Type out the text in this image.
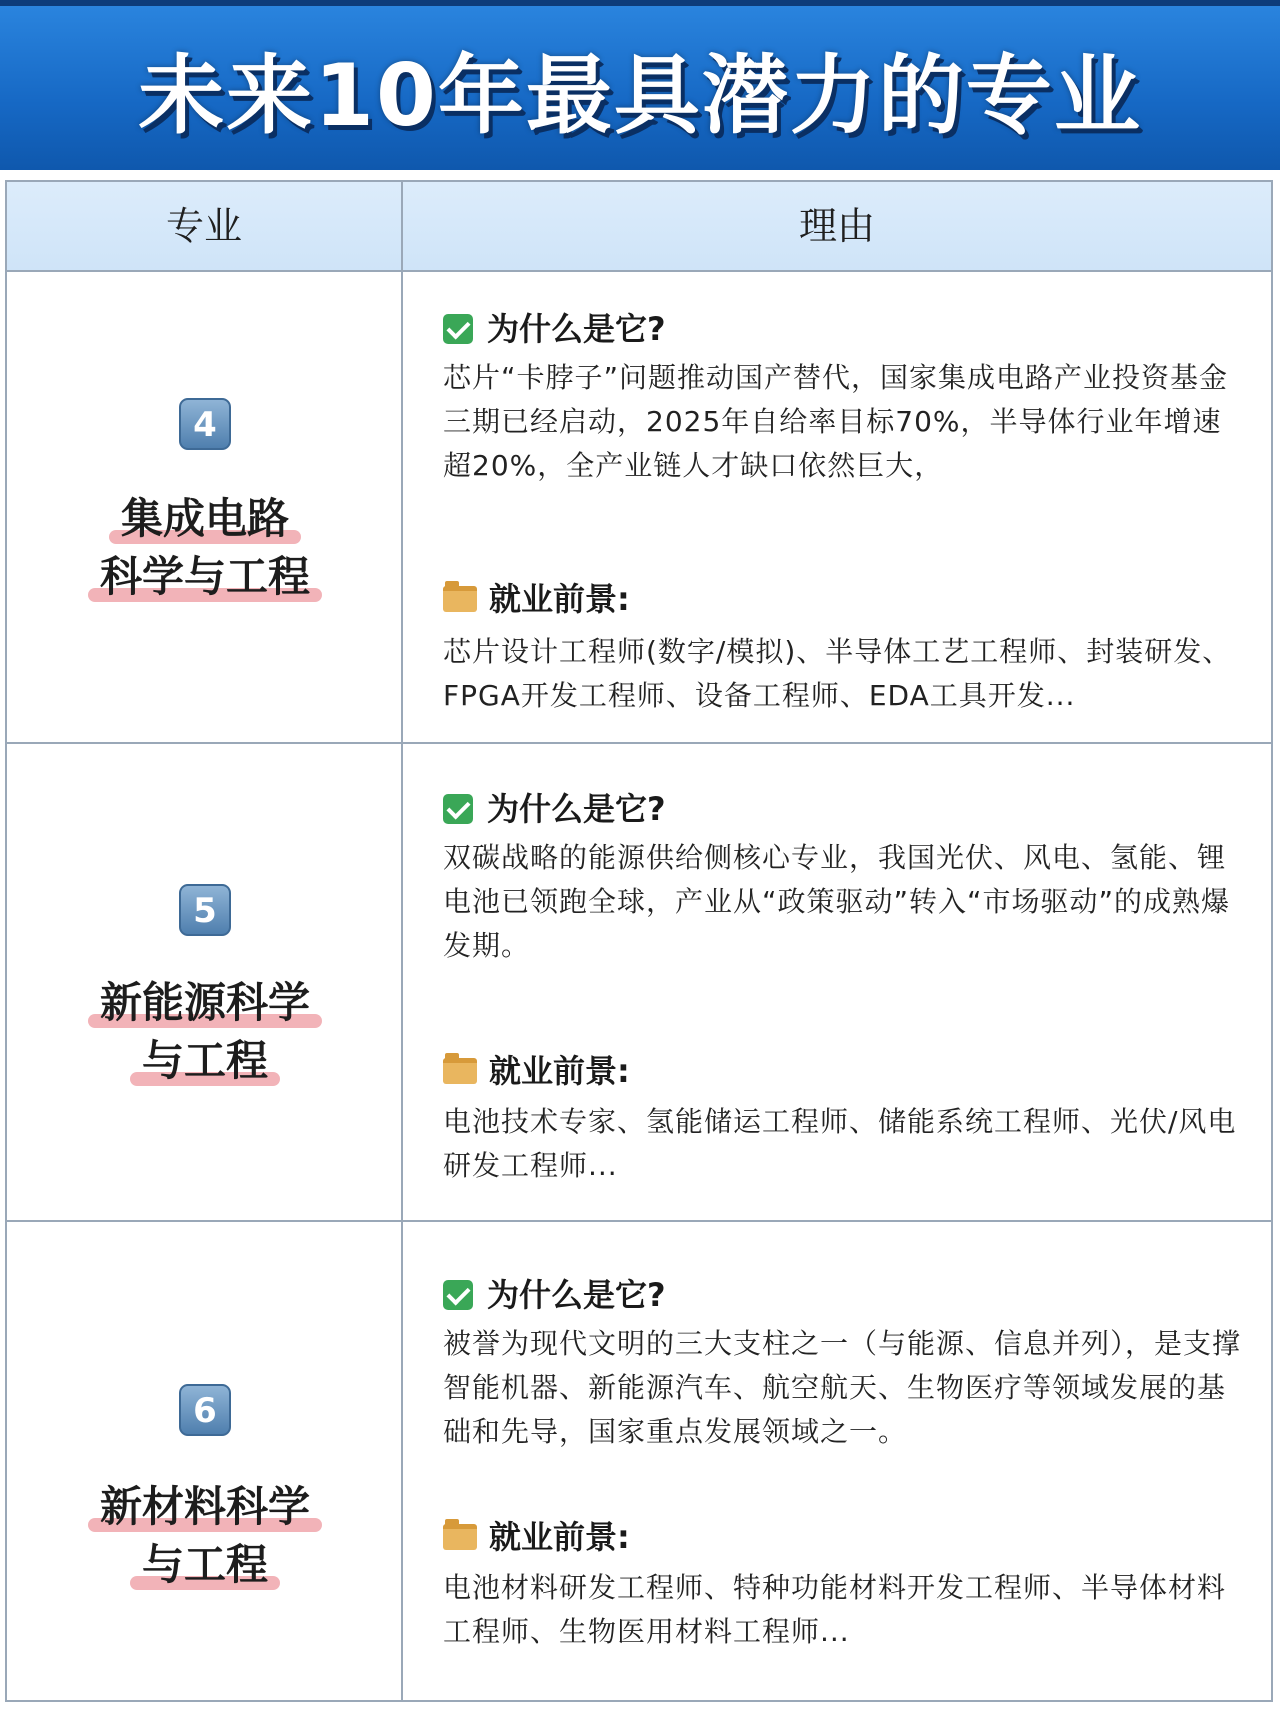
未来10年最具潜力的专业
专业	理由
4
集成电路
科学与工程
为什么是它?
芯片“卡脖子”问题推动国产替代，国家集成电路产业投资基金三期已经启动，2025年自给率目标70%，半导体行业年增速超20%，全产业链人才缺口依然巨大，
就业前景:
芯片设计工程师(数字/模拟)、半导体工艺工程师、封装研发、FPGA开发工程师、设备工程师、EDA工具开发...
5
新能源科学
与工程
为什么是它?
双碳战略的能源供给侧核心专业，我国光伏、风电、氢能、锂电池已领跑全球，产业从“政策驱动”转入“市场驱动”的成熟爆发期。
就业前景:
电池技术专家、氢能储运工程师、储能系统工程师、光伏/风电研发工程师...
6
新材料科学
与工程
为什么是它?
被誉为现代文明的三大支柱之一（与能源、信息并列），是支撑智能机器、新能源汽车、航空航天、生物医疗等领域发展的基础和先导，国家重点发展领域之一。
就业前景:
电池材料研发工程师、特种功能材料开发工程师、半导体材料工程师、生物医用材料工程师...
